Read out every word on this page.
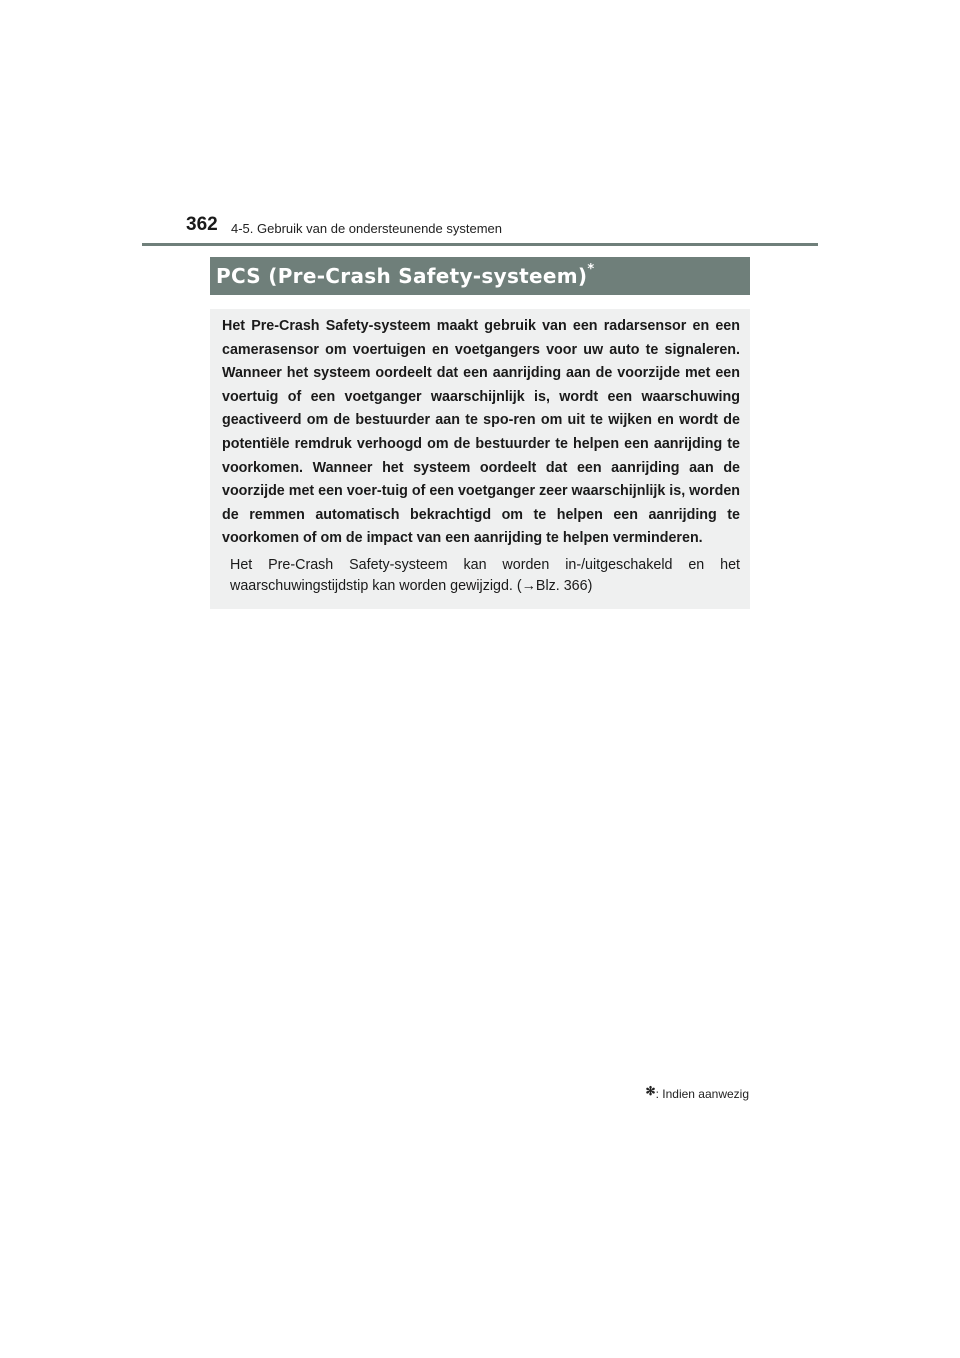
362 4-5. Gebruik van de ondersteunende systemen
PCS (Pre-Crash Safety-systeem)*

Het Pre-Crash Safety-systeem maakt gebruik van een radarsensor en een camerasensor om voertuigen en voetgangers voor uw auto te signaleren. Wanneer het systeem oordeelt dat een aanrijding aan de voorzijde met een voertuig of een voetganger waarschijnlijk is, wordt een waarschuwing geactiveerd om de bestuurder aan te spo-ren om uit te wijken en wordt de potentiële remdruk verhoogd om de bestuurder te helpen een aanrijding te voorkomen. Wanneer het systeem oordeelt dat een aanrijding aan de voorzijde met een voer-tuig of een voetganger zeer waarschijnlijk is, worden de remmen automatisch bekrachtigd om te helpen een aanrijding te voorkomen of om de impact van een aanrijding te helpen verminderen.

Het Pre-Crash Safety-systeem kan worden in-/uitgeschakeld en het waarschuwingstijdstip kan worden gewijzigd. (→Blz. 366)

✻: Indien aanwezig
